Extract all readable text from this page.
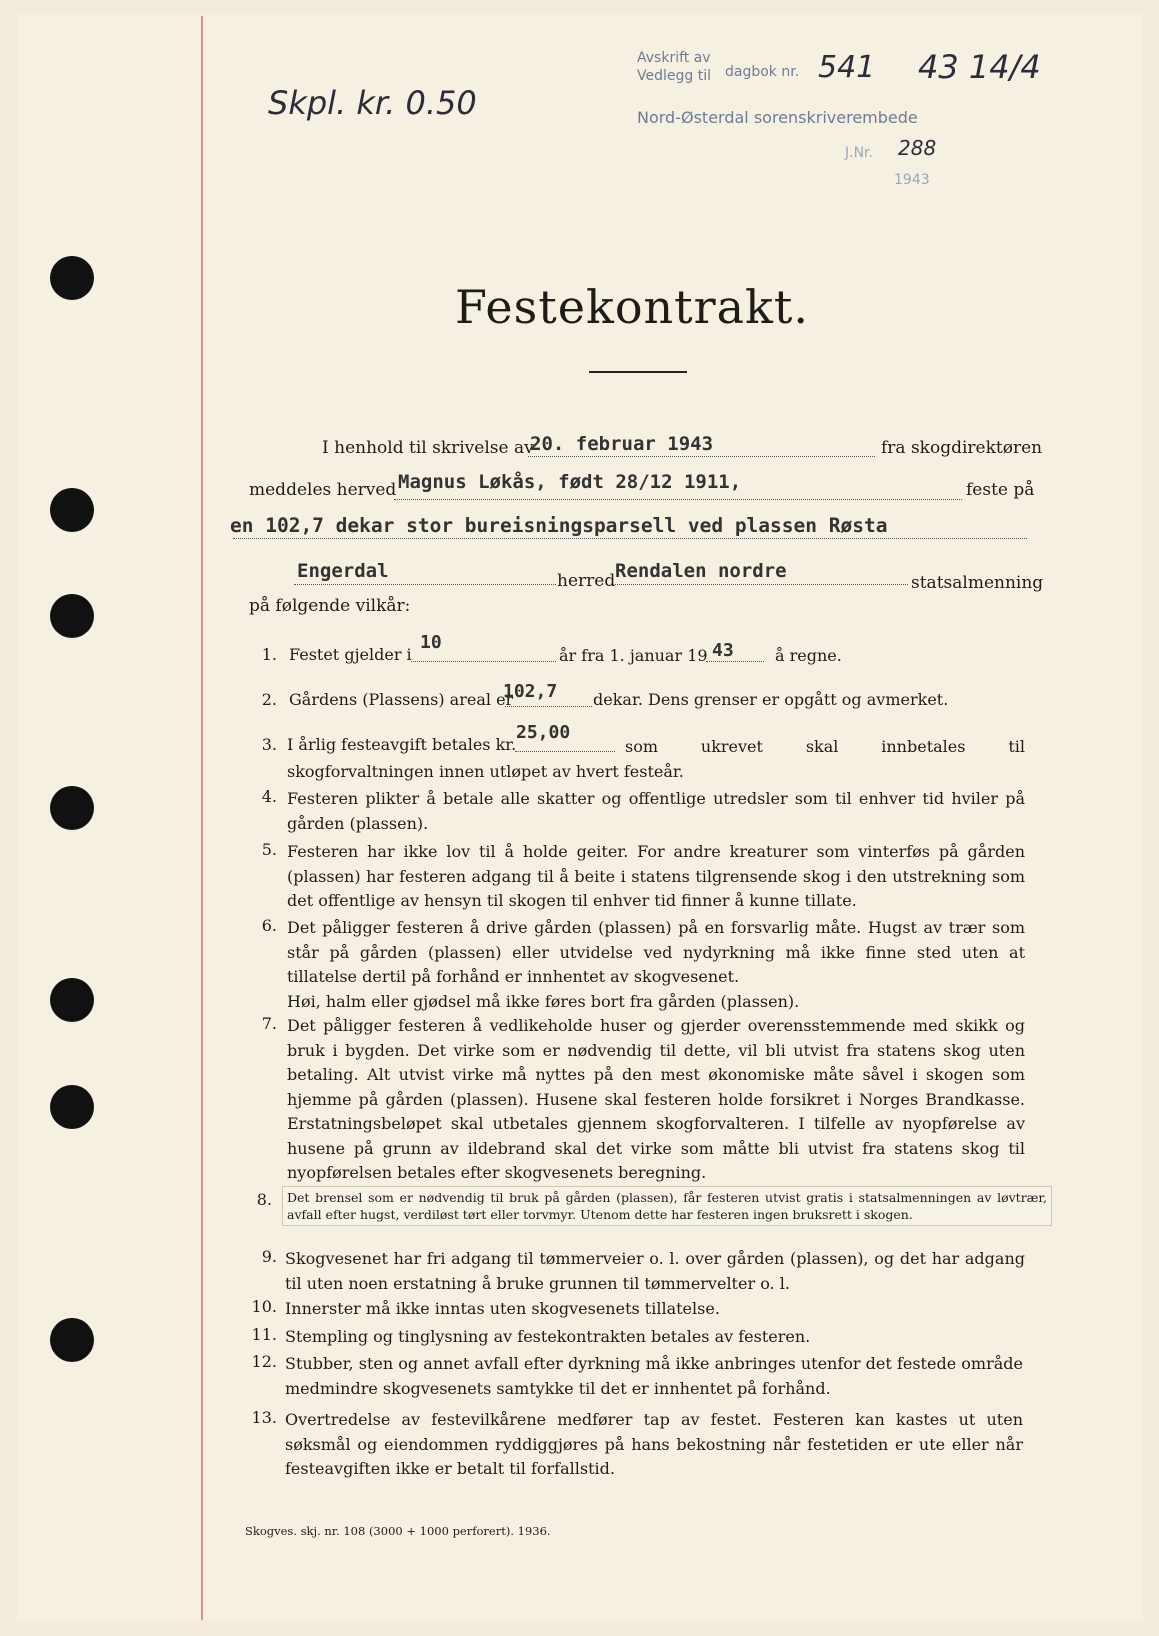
Skpl. kr. 0.50
Avskrift av
Vedlegg til dagbok nr.
Nord-Østerdal sorenskriverembede
541 43 14/4
J.Nr. 288
1943
Festekontrakt.
I henhold til skrivelse av
20. februar 1943	fra skogdirektøren
meddeles herved Magnus Løkås, født 28/12 1911,	feste på
en 102,7 dekar stor bureisningsparsell ved plassen Røsta
Engerdal	herred Rendalen nordre
statsalmenning
på følgende vilkår:
1. Festet gjelder i
10
år fra 1. januar 19 43	å regne.
2. Gårdens (Plassens) areal er
102,7 dekar. Dens grenser er opgått og avmerket.
3. I årlig festeavgift betales kr.
25,00
som ukrevet skal innbetales til skogforvaltningen innen utløpet av hvert festeår.
4. Festeren plikter å betale alle skatter og offentlige utredsler som til enhver tid hviler på gården (plassen).
5. Festeren har ikke lov til å holde geiter. For andre kreaturer som vinterføs på gården (plassen) har festeren adgang til å beite i statens tilgrensende skog i den utstrekning som det offentlige av hensyn til skogen til enhver tid finner å kunne tillate.
6. Det påligger festeren å drive gården (plassen) på en forsvarlig måte. Hugst av trær som står på gården (plassen) eller utvidelse ved nydyrkning må ikke finne sted uten at tillatelse dertil på forhånd er innhentet av skogvesenet.
Høi, halm eller gjødsel må ikke føres bort fra gården (plassen).
7. Det påligger festeren å vedlikeholde huser og gjerder overensstemmende med skikk og bruk i bygden. Det virke som er nødvendig til dette, vil bli utvist fra statens skog uten betaling. Alt utvist virke må nyttes på den mest økonomiske måte såvel i skogen som hjemme på gården (plassen). Husene skal festeren holde forsikret i Norges Brandkasse. Erstatningsbeløpet skal utbetales gjennem skogforvalteren. I tilfelle av nyopførelse av husene på grunn av ildebrand skal det virke som måtte bli utvist fra statens skog til nyopførelsen betales efter skogvesenets beregning.
8.	Det brensel som er nødvendig til bruk på gården (plassen), får festeren utvist gratis i statsalmenningen av løvtrær, avfall efter hugst, verdiløst tørt eller torvmyr. Utenom dette har festeren ingen bruksrett i skogen.
9. Skogvesenet har fri adgang til tømmerveier o. l. over gården (plassen), og det har adgang til uten noen erstatning å bruke grunnen til tømmervelter o. l.
10. Innerster må ikke inntas uten skogvesenets tillatelse.
11. Stempling og tinglysning av festekontrakten betales av festeren.
12. Stubber, sten og annet avfall efter dyrkning må ikke anbringes utenfor det festede område medmindre skogvesenets samtykke til det er innhentet på forhånd.
13. Overtredelse av festevilkårene medfører tap av festet. Festeren kan kastes ut uten søksmål og eiendommen ryddiggjøres på hans bekostning når festetiden er ute eller når festeavgiften ikke er betalt til forfallstid.
Skogves. skj. nr. 108 (3000 + 1000 perforert). 1936.
